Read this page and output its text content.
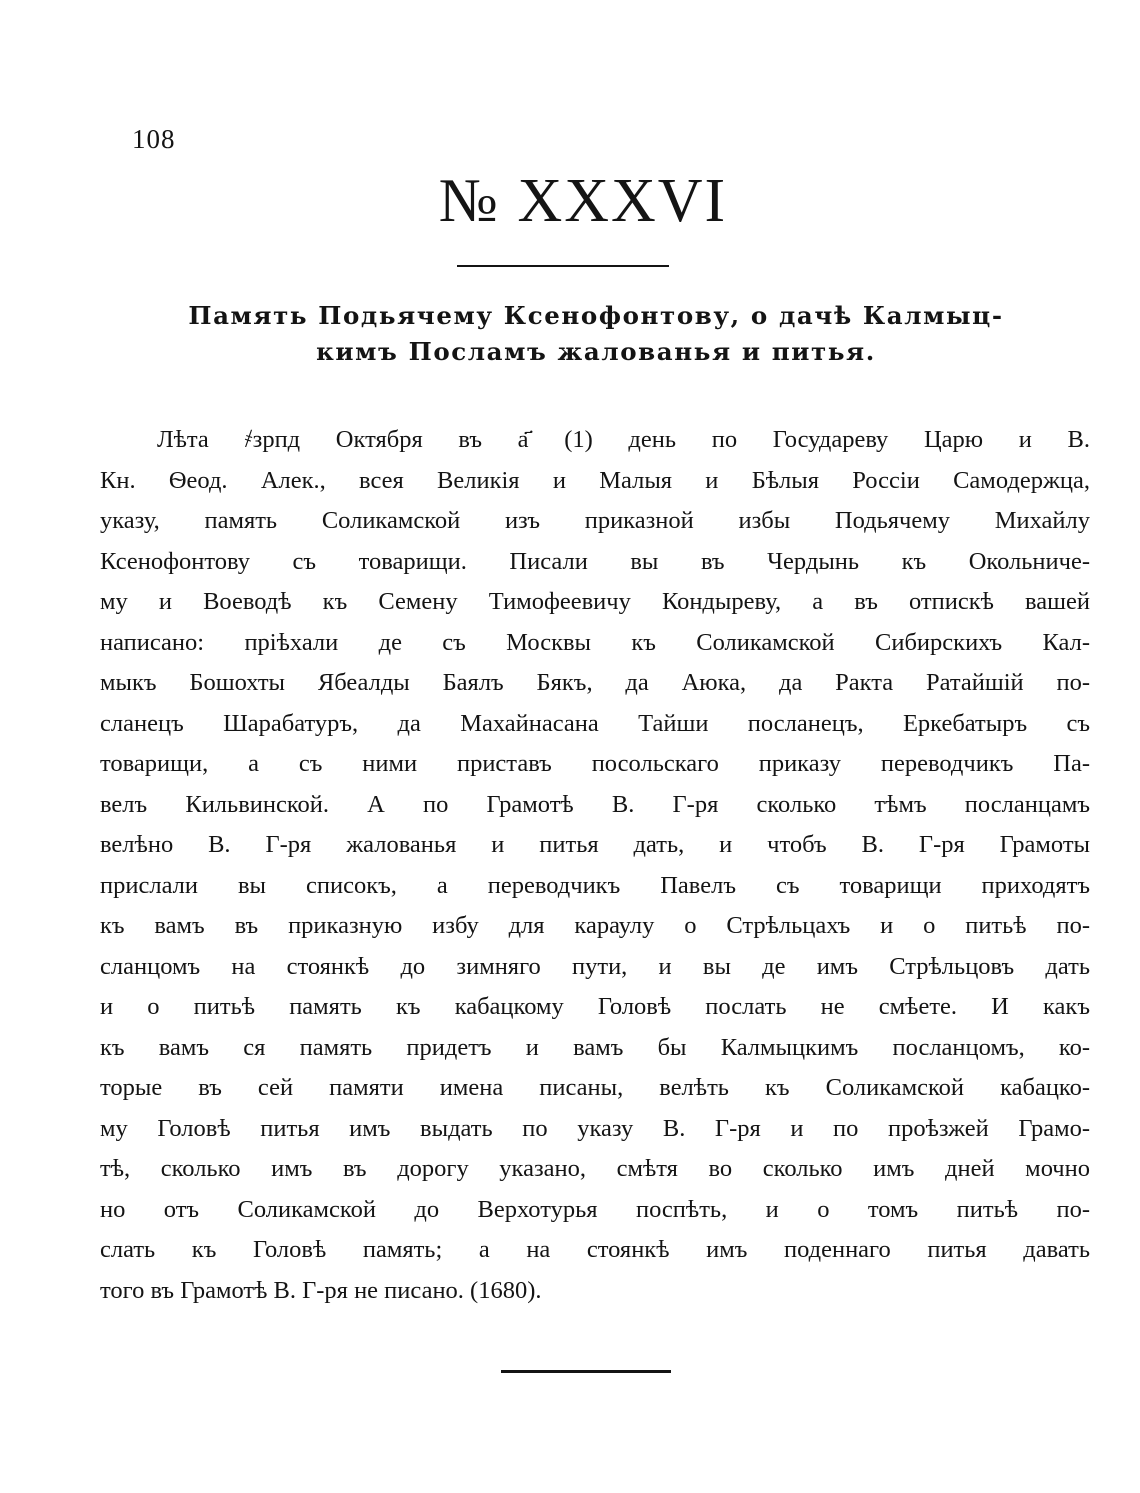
108
№ XXXVI
Память Подьячему Ксенофонтову, о дачѣ Калмыц-
кимъ Посламъ жалованья и питья.
Лѣта ҂зрпд Октября въ а҃ (1) день по Государеву Царю и В.
Кн. Ѳеод. Алек., всея Великія и Малыя и Бѣлыя Россіи Самодержца,
указу, память Соликамской изъ приказной избы Подьячему Михайлу
Ксенофонтову съ товарищи. Писали вы въ Чердынь къ Окольниче-
му и Воеводѣ къ Семену Тимофеевичу Кондыреву, а въ отпискѣ вашей
написано: пріѣхали де съ Москвы къ Соликамской Сибирскихъ Кал-
мыкъ Бошохты Ябеалды Баялъ Бякъ, да Аюка, да Ракта Ратайшій по-
сланецъ Шарабатуръ, да Махайнасана Тайши посланецъ, Еркебатыръ съ
товарищи, а съ ними приставъ посольскаго приказу переводчикъ Па-
велъ Кильвинской. А по Грамотѣ В. Г-ря сколько тѣмъ посланцамъ
велѣно В. Г-ря жалованья и питья дать, и чтобъ В. Г-ря Грамоты
прислали вы списокъ, а переводчикъ Павелъ съ товарищи приходятъ
къ вамъ въ приказную избу для караулу о Стрѣльцахъ и о питьѣ по-
сланцомъ на стоянкѣ до зимняго пути, и вы де имъ Стрѣльцовъ дать
и о питьѣ память къ кабацкому Головѣ послать не смѣете. И какъ
къ вамъ ся память придетъ и вамъ бы Калмыцкимъ посланцомъ, ко-
торые въ сей памяти имена писаны, велѣть къ Соликамской кабацко-
му Головѣ питья имъ выдать по указу В. Г-ря и по проѣзжей Грамо-
тѣ, сколько имъ въ дорогу указано, смѣтя во сколько имъ дней мочно
но отъ Соликамской до Верхотурья поспѣть, и о томъ питьѣ по-
слать къ Головѣ память; а на стоянкѣ имъ поденнаго питья давать
того въ Грамотѣ В. Г-ря не писано. (1680).
